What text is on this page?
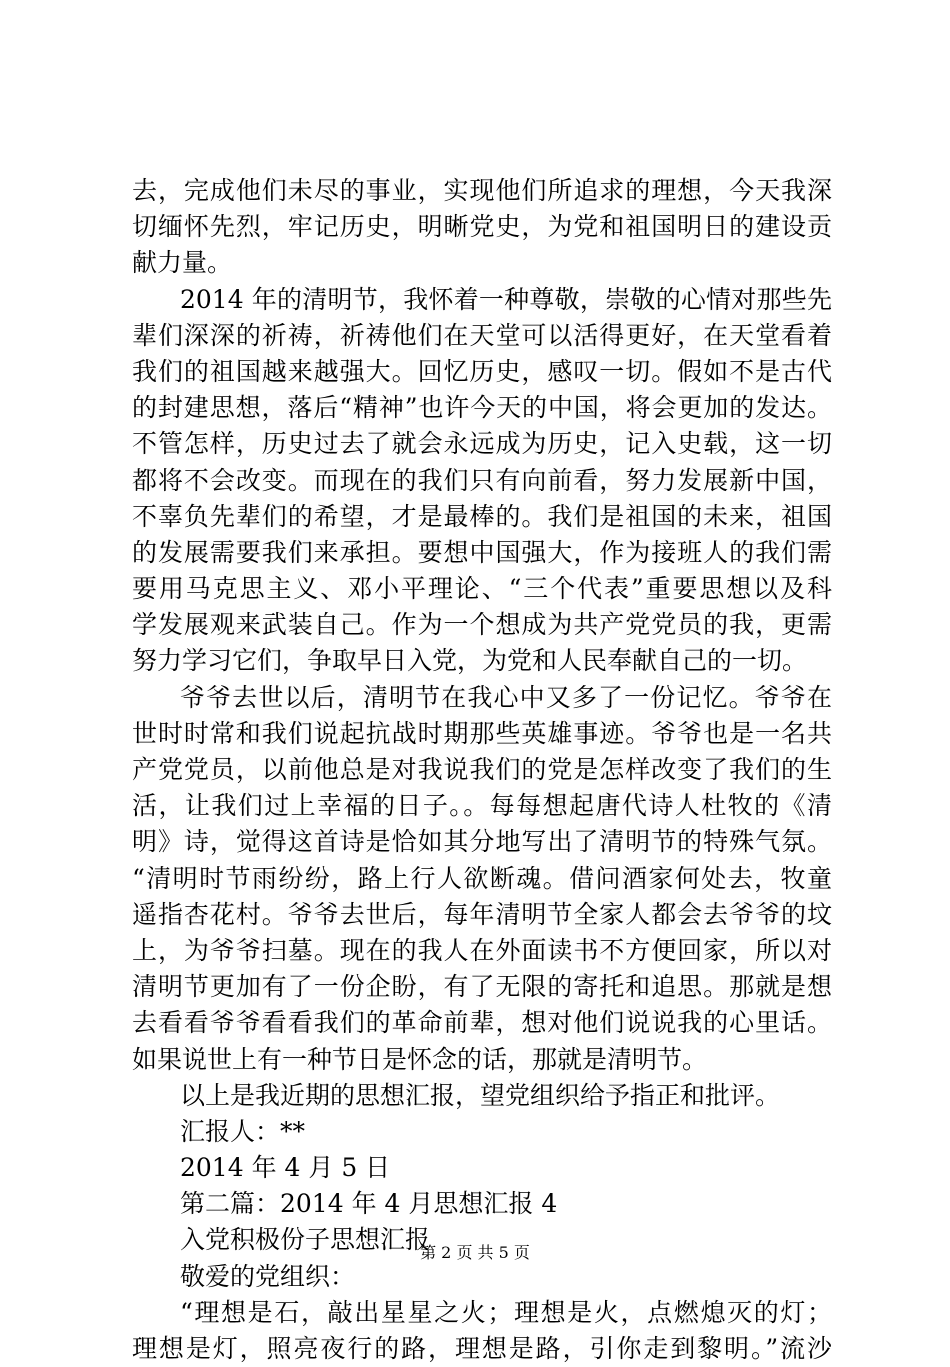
去，完成他们未尽的事业，实现他们所追求的理想，今天我深
切缅怀先烈，牢记历史，明晰党史，为党和祖国明日的建设贡
献力量。
2014 年的清明节，我怀着一种尊敬，崇敬的心情对那些先
辈们深深的祈祷，祈祷他们在天堂可以活得更好，在天堂看着
我们的祖国越来越强大。回忆历史，感叹一切。假如不是古代
的封建思想，落后“精神”也许今天的中国，将会更加的发达。
不管怎样，历史过去了就会永远成为历史，记入史载，这一切
都将不会改变。而现在的我们只有向前看，努力发展新中国，
不辜负先辈们的希望，才是最棒的。我们是祖国的未来，祖国
的发展需要我们来承担。要想中国强大，作为接班人的我们需
要用马克思主义、邓小平理论、“三个代表”重要思想以及科
学发展观来武装自己。作为一个想成为共产党党员的我，更需
努力学习它们，争取早日入党，为党和人民奉献自己的一切。
爷爷去世以后，清明节在我心中又多了一份记忆。爷爷在
世时时常和我们说起抗战时期那些英雄事迹。爷爷也是一名共
产党党员，以前他总是对我说我们的党是怎样改变了我们的生
活，让我们过上幸福的日子。。每每想起唐代诗人杜牧的《清
明》诗，觉得这首诗是恰如其分地写出了清明节的特殊气氛。
“清明时节雨纷纷，路上行人欲断魂。借问酒家何处去，牧童
遥指杏花村。爷爷去世后，每年清明节全家人都会去爷爷的坟
上，为爷爷扫墓。现在的我人在外面读书不方便回家，所以对
清明节更加有了一份企盼，有了无限的寄托和追思。那就是想
去看看爷爷看看我们的革命前辈，想对他们说说我的心里话。
如果说世上有一种节日是怀念的话，那就是清明节。
以上是我近期的思想汇报，望党组织给予指正和批评。
汇报人：**
2014 年 4 月 5 日
第二篇：2014 年 4 月思想汇报 4
入党积极份子思想汇报
敬爱的党组织：
“理想是石，敲出星星之火；理想是火，点燃熄灭的灯；
理想是灯，照亮夜行的路，理想是路，引你走到黎明。”流沙
第 2 页 共 5 页
